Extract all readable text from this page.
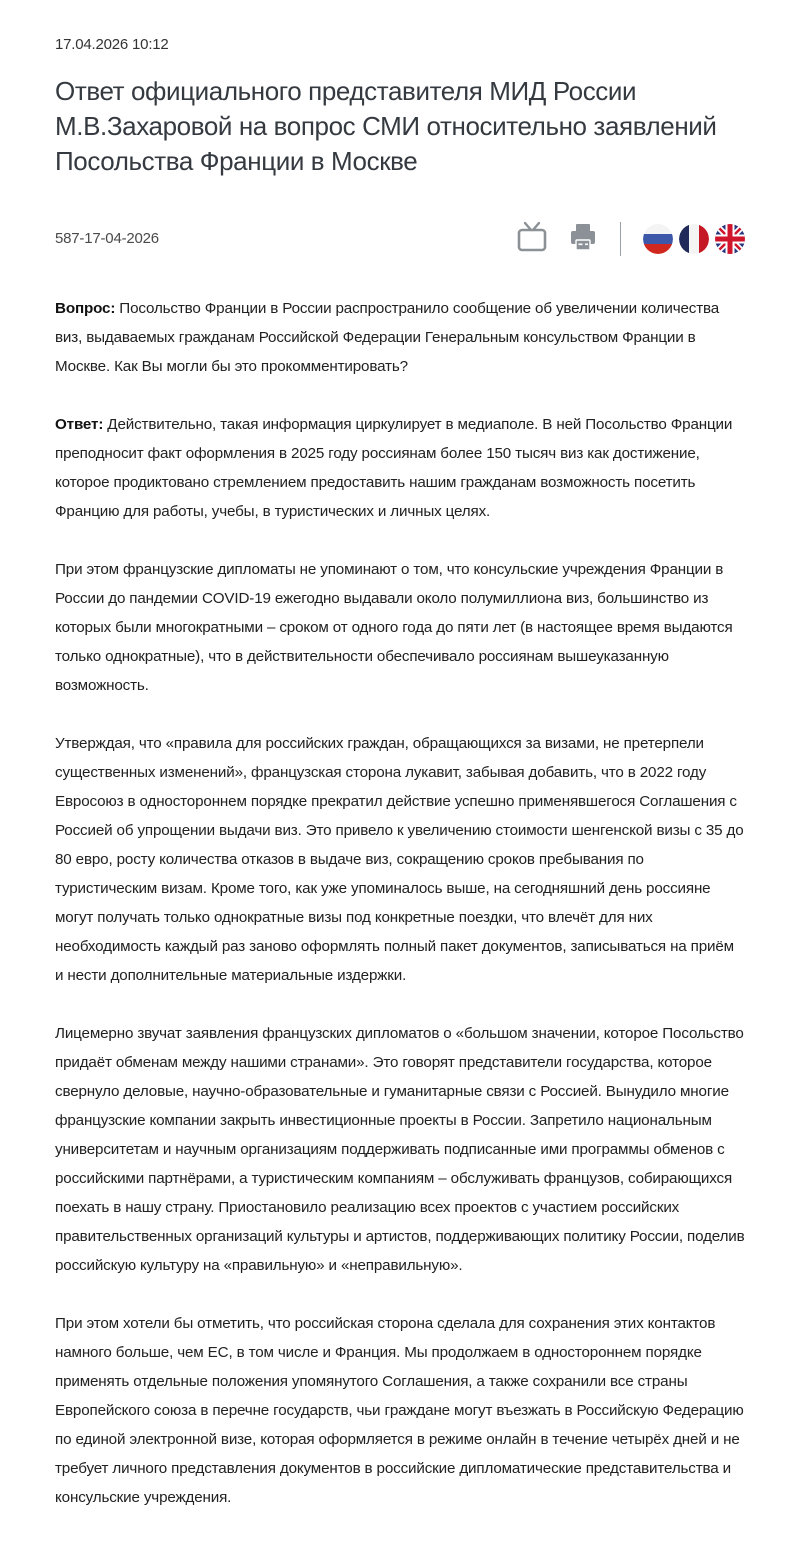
17.04.2026 10:12
Ответ официального представителя МИД России М.В.Захаровой на вопрос СМИ относительно заявлений Посольства Франции в Москве
587-17-04-2026

Вопрос: Посольство Франции в России распространило сообщение об увеличении количества виз, выдаваемых гражданам Российской Федерации Генеральным консульством Франции в Москве. Как Вы могли бы это прокомментировать?

Ответ: Действительно, такая информация циркулирует в медиаполе. В ней Посольство Франции преподносит факт оформления в 2025 году россиянам более 150 тысяч виз как достижение, которое продиктовано стремлением предоставить нашим гражданам возможность посетить Францию для работы, учебы, в туристических и личных целях.

При этом французские дипломаты не упоминают о том, что консульские учреждения Франции в России до пандемии COVID-19 ежегодно выдавали около полумиллиона виз, большинство из которых были многократными – сроком от одного года до пяти лет (в настоящее время выдаются только однократные), что в действительности обеспечивало россиянам вышеуказанную возможность.

Утверждая, что «правила для российских граждан, обращающихся за визами, не претерпели существенных изменений», французская сторона лукавит, забывая добавить, что в 2022 году Евросоюз в одностороннем порядке прекратил действие успешно применявшегося Соглашения с Россией об упрощении выдачи виз. Это привело к увеличению стоимости шенгенской визы с 35 до 80 евро, росту количества отказов в выдаче виз, сокращению сроков пребывания по туристическим визам. Кроме того, как уже упоминалось выше, на сегодняшний день россияне могут получать только однократные визы под конкретные поездки, что влечёт для них необходимость каждый раз заново оформлять полный пакет документов, записываться на приём и нести дополнительные материальные издержки.

Лицемерно звучат заявления французских дипломатов о «большом значении, которое Посольство придаёт обменам между нашими странами». Это говорят представители государства, которое свернуло деловые, научно-образовательные и гуманитарные связи с Россией. Вынудило многие французские компании закрыть инвестиционные проекты в России. Запретило национальным университетам и научным организациям поддерживать подписанные ими программы обменов с российскими партнёрами, а туристическим компаниям – обслуживать французов, собирающихся поехать в нашу страну. Приостановило реализацию всех проектов с участием российских правительственных организаций культуры и артистов, поддерживающих политику России, поделив российскую культуру на «правильную» и «неправильную».

При этом хотели бы отметить, что российская сторона сделала для сохранения этих контактов намного больше, чем ЕС, в том числе и Франция. Мы продолжаем в одностороннем порядке применять отдельные положения упомянутого Соглашения, а также сохранили все страны Европейского союза в перечне государств, чьи граждане могут въезжать в Российскую Федерацию по единой электронной визе, которая оформляется в режиме онлайн в течение четырёх дней и не требует личного представления документов в российские дипломатические представительства и консульские учреждения.
